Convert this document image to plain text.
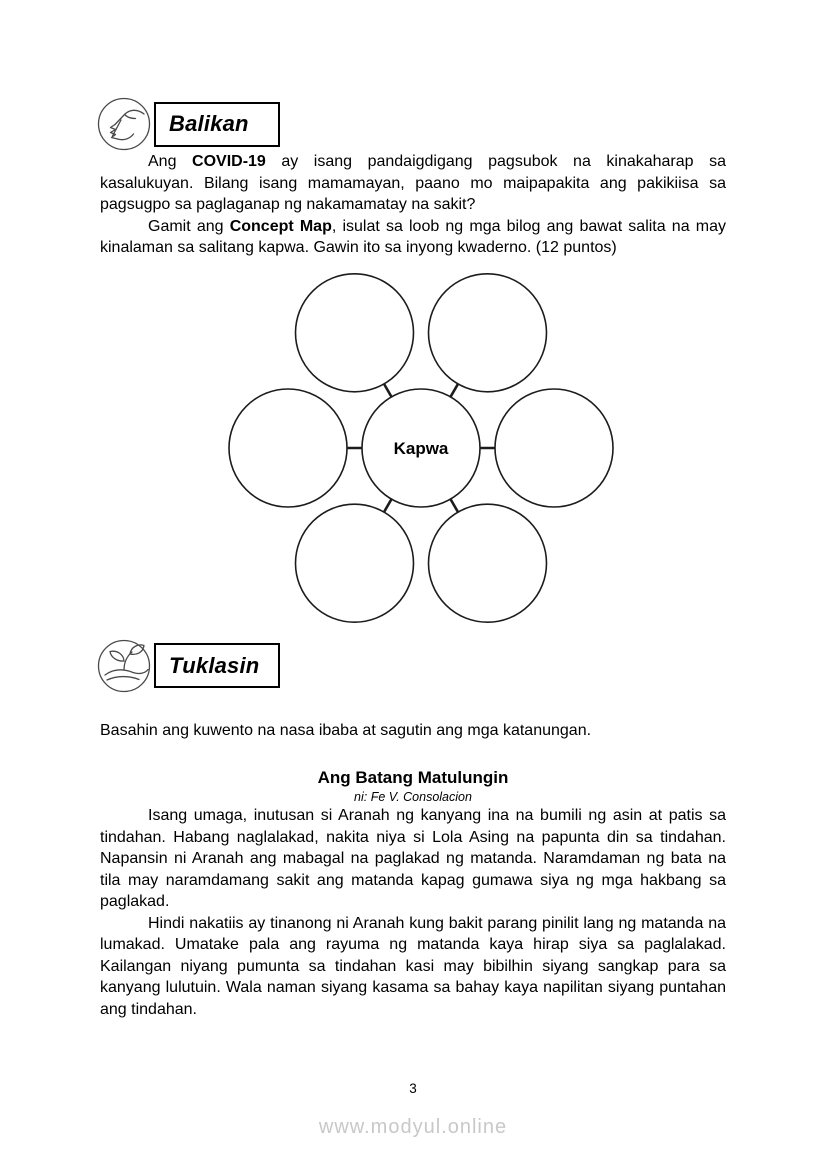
Balikan

Ang COVID-19 ay isang pandaigdigang pagsubok na kinakaharap sa kasalukuyan. Bilang isang mamamayan, paano mo maipapakita ang pakikiisa sa pagsugpo sa paglaganap ng nakamamatay na sakit?

Gamit ang Concept Map, isulat sa loob ng mga bilog ang bawat salita na may kinalaman sa salitang kapwa. Gawin ito sa inyong kwaderno. (12 puntos)

Kapwa
Tuklasin

Basahin ang kuwento na nasa ibaba at sagutin ang mga katanungan.

Ang Batang Matulungin

ni: Fe V. Consolacion

Isang umaga, inutusan si Aranah ng kanyang ina na bumili ng asin at patis sa tindahan. Habang naglalakad, nakita niya si Lola Asing na papunta din sa tindahan. Napansin ni Aranah ang mabagal na paglakad ng matanda. Naramdaman ng bata na tila may naramdamang sakit ang matanda kapag gumawa siya ng mga hakbang sa paglakad.

Hindi nakatiis ay tinanong ni Aranah kung bakit parang pinilit lang ng matanda na lumakad. Umatake pala ang rayuma ng matanda kaya hirap siya sa paglalakad. Kailangan niyang pumunta sa tindahan kasi may bibilhin siyang sangkap para sa kanyang lulutuin. Wala naman siyang kasama sa bahay kaya napilitan siyang puntahan ang tindahan.

3
www.modyul.online
